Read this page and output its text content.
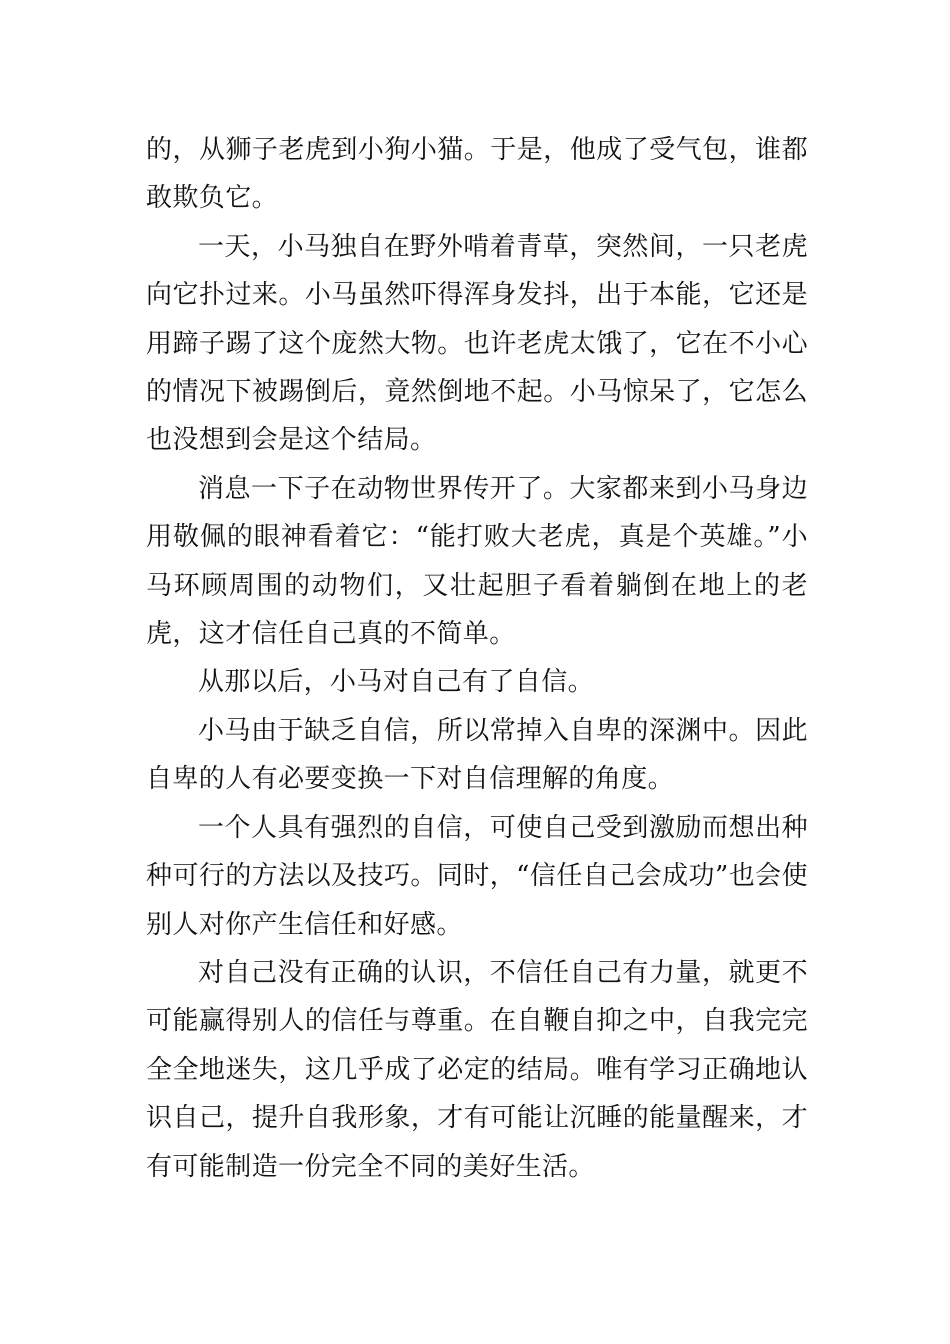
的，从狮子老虎到小狗小猫。于是，他成了受气包，谁都敢欺负它。

一天，小马独自在野外啃着青草，突然间，一只老虎向它扑过来。小马虽然吓得浑身发抖，出于本能，它还是用蹄子踢了这个庞然大物。也许老虎太饿了，它在不小心的情况下被踢倒后，竟然倒地不起。小马惊呆了，它怎么也没想到会是这个结局。

消息一下子在动物世界传开了。大家都来到小马身边用敬佩的眼神看着它：“能打败大老虎，真是个英雄。”小马环顾周围的动物们，又壮起胆子看着躺倒在地上的老虎，这才信任自己真的不简单。

从那以后，小马对自己有了自信。

小马由于缺乏自信，所以常掉入自卑的深渊中。因此自卑的人有必要变换一下对自信理解的角度。

一个人具有强烈的自信，可使自己受到激励而想出种种可行的方法以及技巧。同时，“信任自己会成功”也会使别人对你产生信任和好感。

对自己没有正确的认识，不信任自己有力量，就更不可能赢得别人的信任与尊重。在自鞭自抑之中，自我完完全全地迷失，这几乎成了必定的结局。唯有学习正确地认识自己，提升自我形象，才有可能让沉睡的能量醒来，才有可能制造一份完全不同的美好生活。
